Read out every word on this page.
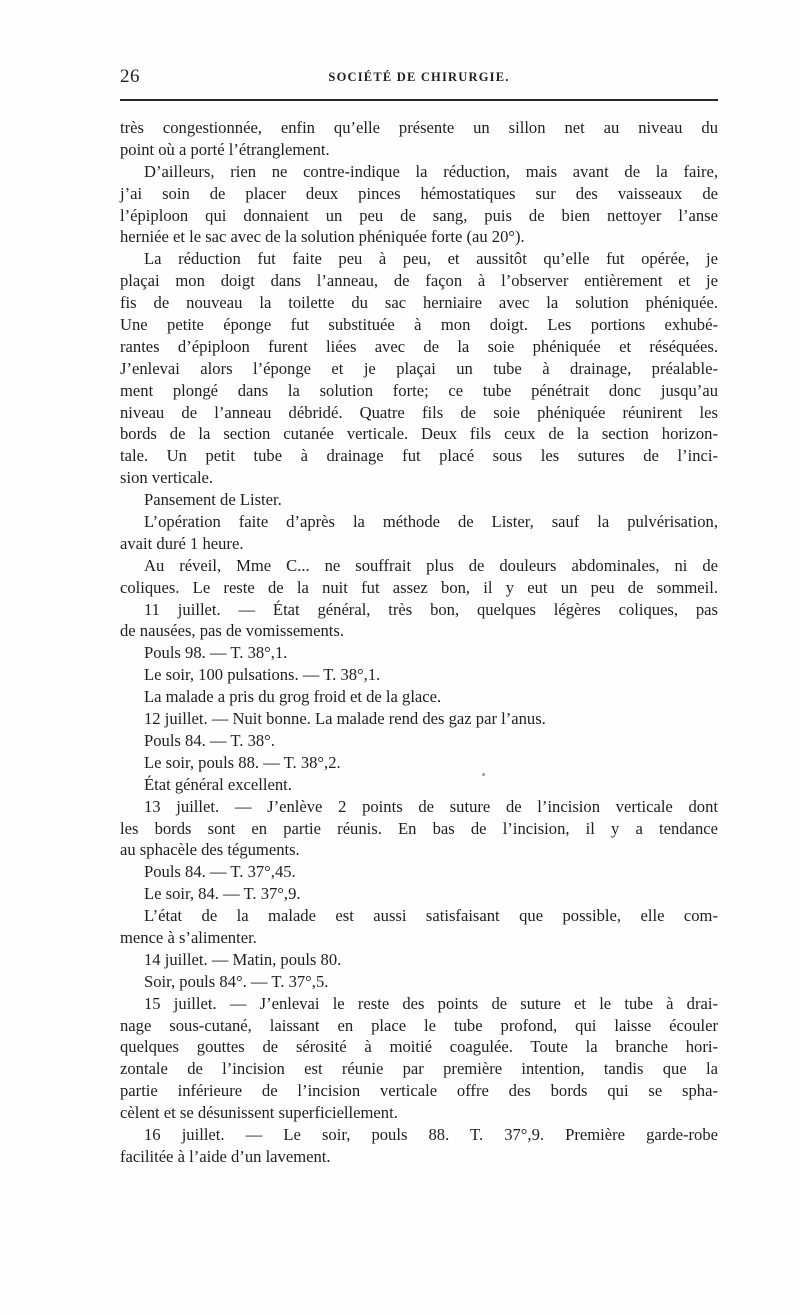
26	SOCIÉTÉ DE CHIRURGIE.
très congestionnée, enfin qu’elle présente un sillon net au niveau du
point où a porté l’étranglement.
D’ailleurs, rien ne contre-indique la réduction, mais avant de la faire,
j’ai soin de placer deux pinces hémostatiques sur des vaisseaux de
l’épiploon qui donnaient un peu de sang, puis de bien nettoyer l’anse
herniée et le sac avec de la solution phéniquée forte (au 20°).
La réduction fut faite peu à peu, et aussitôt qu’elle fut opérée, je
plaçai mon doigt dans l’anneau, de façon à l’observer entièrement et je
fis de nouveau la toilette du sac herniaire avec la solution phéniquée.
Une petite éponge fut substituée à mon doigt. Les portions exhubé-
rantes d’épiploon furent liées avec de la soie phéniquée et réséquées.
J’enlevai alors l’éponge et je plaçai un tube à drainage, préalable-
ment plongé dans la solution forte; ce tube pénétrait donc jusqu’au
niveau de l’anneau débridé. Quatre fils de soie phéniquée réunirent les
bords de la section cutanée verticale. Deux fils ceux de la section horizon-
tale. Un petit tube à drainage fut placé sous les sutures de l’inci-
sion verticale.
Pansement de Lister.
L’opération faite d’après la méthode de Lister, sauf la pulvérisation,
avait duré 1 heure.
Au réveil, Mme C... ne souffrait plus de douleurs abdominales, ni de
coliques. Le reste de la nuit fut assez bon, il y eut un peu de sommeil.
11 juillet. — État général, très bon, quelques légères coliques, pas
de nausées, pas de vomissements.
Pouls 98. — T. 38°,1.
Le soir, 100 pulsations. — T. 38°,1.
La malade a pris du grog froid et de la glace.
12 juillet. — Nuit bonne. La malade rend des gaz par l’anus.
Pouls 84. — T. 38°.
Le soir, pouls 88. — T. 38°,2.
État général excellent.
13 juillet. — J’enlève 2 points de suture de l’incision verticale dont
les bords sont en partie réunis. En bas de l’incision, il y a tendance
au sphacèle des téguments.
Pouls 84. — T. 37°,45.
Le soir, 84. — T. 37°,9.
L’état de la malade est aussi satisfaisant que possible, elle com-
mence à s’alimenter.
14 juillet. — Matin, pouls 80.
Soir, pouls 84°. — T. 37°,5.
15 juillet. — J’enlevai le reste des points de suture et le tube à drai-
nage sous-cutané, laissant en place le tube profond, qui laisse écouler
quelques gouttes de sérosité à moitié coagulée. Toute la branche hori-
zontale de l’incision est réunie par première intention, tandis que la
partie inférieure de l’incision verticale offre des bords qui se spha-
cèlent et se désunissent superficiellement.
16 juillet. — Le soir, pouls 88. T. 37°,9. Première garde-robe
facilitée à l’aide d’un lavement.
